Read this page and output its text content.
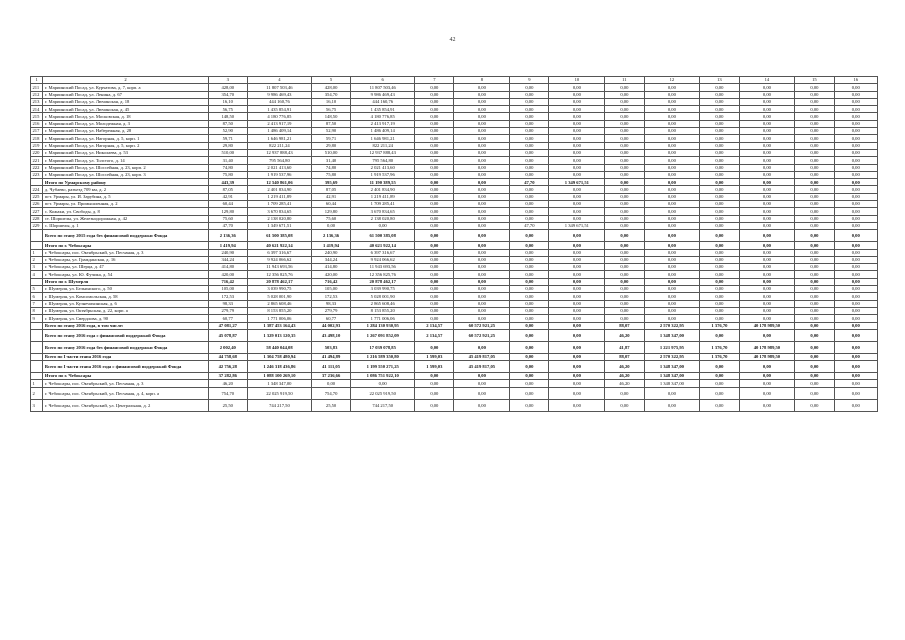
42
1	2	3	4	5	6	7	8	9	10	11	12	13	14	15	16
211	г. Мариинский Посад, ул. Курчатова, д. 7, корп. а	428,00	11 807 503,46	428,00	11 807 503,46	0,00	0,00	0,00	0,00	0,00	0,00	0,00	0,00	0,00	0,00
212	г. Мариинский Посад, ул. Ленина, д. 67	354,70	9 986 469,43	354,70	9 986 469,43	0,00	0,00	0,00	0,00	0,00	0,00	0,00	0,00	0,00	0,00
213	г. Мариинский Посад, ул. Лючинская, д. 18	16,10	444 160,76	16,10	444 160,76	0,00	0,00	0,00	0,00	0,00	0,00	0,00	0,00	0,00	0,00
214	г. Мариинский Посад, ул. Лючинская, д. 45	56,75	1 435 854,91	56,75	1 435 854,91	0,00	0,00	0,00	0,00	0,00	0,00	0,00	0,00	0,00	0,00
215	г. Мариинский Посад, ул. Московская, д. 18	148,50	4 180 776,85	148,50	4 180 776,85	0,00	0,00	0,00	0,00	0,00	0,00	0,00	0,00	0,00	0,00
216	г. Мариинский Посад, ул. Молодежная, д. 3	87,50	2 413 917,19	87,50	2 413 917,19	0,00	0,00	0,00	0,00	0,00	0,00	0,00	0,00	0,00	0,00
217	г. Мариинский Посад, ул. Набережная, д. 28	52,90	1 486 409,14	52,90	1 486 409,14	0,00	0,00	0,00	0,00	0,00	0,00	0,00	0,00	0,00	0,00
218	г. Мариинский Посад, ул. Нагорная, д. 5, корп. 1	59,71	1 646 981,21	59,71	1 646 981,21	0,00	0,00	0,00	0,00	0,00	0,00	0,00	0,00	0,00	0,00
219	г. Мариинский Посад, ул. Нагорная, д. 5, корп. 2	29,80	822 211,24	29,80	822 211,24	0,00	0,00	0,00	0,00	0,00	0,00	0,00	0,00	0,00	0,00
220	г. Мариинский Посад, ул. Николаева, д. 53	510,00	12 937 888,43	510,00	12 937 888,43	0,00	0,00	0,00	0,00	0,00	0,00	0,00	0,00	0,00	0,00
221	г. Мариинский Посад, ул. Толстого, д. 14	31,40	795 564,80	31,40	795 564,80	0,00	0,00	0,00	0,00	0,00	0,00	0,00	0,00	0,00	0,00
222	г. Мариинский Посад, ул. Шоссейная, д. 23, корп. 2	74,80	2 021 413,60	74,80	2 021 413,60	0,00	0,00	0,00	0,00	0,00	0,00	0,00	0,00	0,00	0,00
223	г. Мариинский Посад, ул. Шоссейная, д. 23, корп. 3	75,80	1 919 537,96	75,80	1 919 537,96	0,00	0,00	0,00	0,00	0,00	0,00	0,00	0,00	0,00	0,00
	Итого по Урмарскому району	443,39	12 540 861,06	395,69	11 190 389,55	0,00	0,00	47,70	1 349 671,51	0,00	0,00	0,00	0,00	0,00	0,00
224	д. Чубаево, разъезд 709 км, д. 2	87,05	2 401 834,90	87,05	2 401 834,90	0,00	0,00	0,00	0,00	0,00	0,00	0,00	0,00	0,00	0,00
225	пгт. Урмары, ул. И. Зарубина, д. 5	42,91	1 219 411,89	42,91	1 219 411,89	0,00	0,00	0,00	0,00	0,00	0,00	0,00	0,00	0,00	0,00
226	пгт. Урмары, ул. Промышленная, д. 2	60,44	1 709 285,41	60,44	1 709 285,41	0,00	0,00	0,00	0,00	0,00	0,00	0,00	0,00	0,00	0,00
227	с. Кожаки, ул. Свободы, д. 8	129,80	3 670 834,65	129,80	3 670 834,65	0,00	0,00	0,00	0,00	0,00	0,00	0,00	0,00	0,00	0,00
228	ст. Шоршелы, ул. Железнодорожная, д. 42	75,60	2 138 020,80	75,60	2 138 020,80	0,00	0,00	0,00	0,00	0,00	0,00	0,00	0,00	0,00	0,00
229	с. Шоршелы, д. 1	47,70	1 349 671,51	0,00	0,00	0,00	0,00	47,70	1 349 671,51	0,00	0,00	0,00	0,00	0,00	0,00
	Всего по этапу 2015 года без финансовой поддержки Фонда	2 136,36	61 500 385,08	2 136,36	61 500 385,08	0,00	0,00	0,00	0,00	0,00	0,00	0,00	0,00	0,00	0,00
	Итого по г. Чебоксары	1 419,94	40 621 922,14	1 419,94	40 621 922,14	0,00	0,00	0,00	0,00	0,00	0,00	0,00	0,00	0,00	0,00
1	г. Чебоксары, пос. Октябрьский, ул. Песчаная, д. 3	240,90	6 397 316,67	240,90	6 397 316,67	0,00	0,00	0,00	0,00	0,00	0,00	0,00	0,00	0,00	0,00
2	г. Чебоксары, ул. Гражданская, д. 16	344,24	9 924 066,62	344,24	9 924 066,62	0,00	0,00	0,00	0,00	0,00	0,00	0,00	0,00	0,00	0,00
3	г. Чебоксары, ул. Шерца, д. 47	414,80	11 943 693,56	414,80	11 943 693,56	0,00	0,00	0,00	0,00	0,00	0,00	0,00	0,00	0,00	0,00
4	г. Чебоксары, ул. Ю. Фучика, д. 54	420,00	12 356 825,76	420,00	12 356 825,76	0,00	0,00	0,00	0,00	0,00	0,00	0,00	0,00	0,00	0,00
	Итого по г. Шумерля	716,42	20 878 462,17	716,42	20 878 462,17	0,00	0,00	0,00	0,00	0,00	0,00	0,00	0,00	0,00	0,00
5	г. Шумерля, ул. Бельинского, д. 50	105,00	3 039 990,75	105,00	3 039 990,75	0,00	0,00	0,00	0,00	0,00	0,00	0,00	0,00	0,00	0,00
6	г. Шумерля, ул. Комсомольская, д. 58	172,53	5 028 001,90	172,53	5 028 001,90	0,00	0,00	0,00	0,00	0,00	0,00	0,00	0,00	0,00	0,00
7	г. Шумерля, ул. Кузнечихинская, д. 6	98,33	2 865 608,46	98,33	2 865 608,46	0,00	0,00	0,00	0,00	0,00	0,00	0,00	0,00	0,00	0,00
8	г. Шумерля, ул. Октябрьская, д. 22, корп. а	279,79	8 153 855,20	279,79	8 153 855,20	0,00	0,00	0,00	0,00	0,00	0,00	0,00	0,00	0,00	0,00
9	г. Шумерля, ул. Свердлова, д. 90	60,77	1 771 006,06	60,77	1 771 006,06	0,00	0,00	0,00	0,00	0,00	0,00	0,00	0,00	0,00	0,00
	Всего по этапу 2016 года, в том числе:	47 081,27	1 387 453 164,43	44 002,93	1 284 130 930,95	2 134,57	60 572 921,25	0,00	0,00	88,07	2 570 322,95	1 376,70	40 178 989,50	0,00	0,00
	Всего по этапу 2016 года с финансовой поддержкой Фонда	45 078,87	1 329 013 120,35	43 498,10	1 267 091 852,09	2 134,57	60 572 921,25	0,00	0,00	46,20	1 348 347,00	0,00	0,00	0,00	0,00
	Всего по этапу 2016 года без финансовой поддержки Фонда	2 002,40	58 440 044,08	503,83	17 039 078,85	0,00	0,00	0,00	0,00	41,87	1 221 975,95	1 376,70	40 178 989,50	0,00	0,00
	Всего по I части этапа 2016 года	44 758,68	1 304 758 480,94	41 494,89	1 216 589 350,80	1 599,03	45 419 817,05	0,00	0,00	88,07	2 570 322,95	1 376,70	40 178 989,50	0,00	0,00
	Всего по I части этапа 2016 года с финансовой поддержкой Фонда	42 756,28	1 246 318 436,86	41 111,05	1 199 550 271,25	1 599,03	45 419 817,05	0,00	0,00	46,20	1 348 347,00	0,00	0,00	0,00	0,00
	Итого по г. Чебоксары	37 282,86	1 088 100 269,10	37 236,66	1 086 751 922,10	0,00	0,00	0,00	0,00	46,20	1 348 347,00	0,00	0,00	0,00	0,00
1	г. Чебоксары, пос. Октябрьский, ул. Песчаная, д. 3	46,20	1 348 347,00	0,00	0,00	0,00	0,00	0,00	0,00	46,20	1 348 347,00	0,00	0,00	0,00	0,00
2	г. Чебоксары, пос. Октябрьский, ул. Песчаная, д. 4, корп. а	754,70	22 025 919,50	754,70	22 025 919,50	0,00	0,00	0,00	0,00	0,00	0,00	0,00	0,00	0,00	0,00
3	г. Чебоксары, пос. Октябрьский, ул. Центральная, д. 2	25,50	744 217,50	25,50	744 217,50	0,00	0,00	0,00	0,00	0,00	0,00	0,00	0,00	0,00	0,00
